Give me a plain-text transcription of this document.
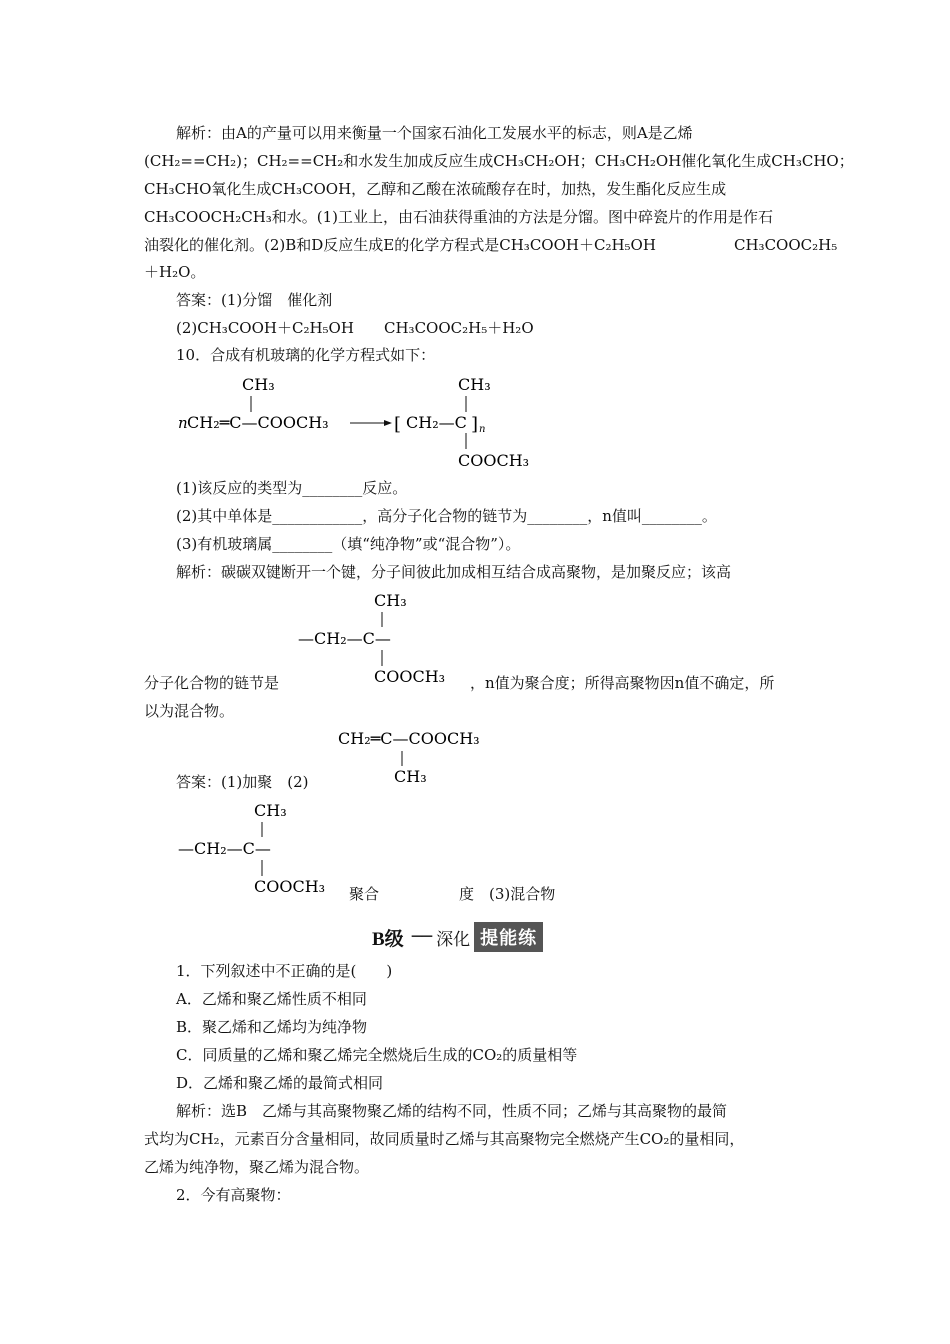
解析：由A的产量可以用来衡量一个国家石油化工发展水平的标志，则A是乙烯
(CH₂==CH₂)；CH₂==CH₂和水发生加成反应生成CH₃CH₂OH；CH₃CH₂OH催化氧化生成CH₃CHO；
CH₃CHO氧化生成CH₃COOH，乙醇和乙酸在浓硫酸存在时，加热，发生酯化反应生成
CH₃COOCH₂CH₃和水。(1)工业上，由石油获得重油的方法是分馏。图中碎瓷片的作用是作石
油裂化的催化剂。(2)B和D反应生成E的化学方程式是CH₃COOH＋C₂H₅OH	CH₃COOC₂H₅
＋H₂O。
答案：(1)分馏　催化剂
(2)CH₃COOH＋C₂H₅OH CH₃COOC₂H₅＋H₂O
10．合成有机玻璃的化学方程式如下：
CH₃
n CH₂═C—COOCH₃	[ CH₂—C ] n
CH₃
COOCH₃
(1)该反应的类型为________反应。
(2)其中单体是____________，高分子化合物的链节为________，n值叫________。
(3)有机玻璃属________（填“纯净物”或“混合物”）。
解析：碳碳双键断开一个键，分子间彼此加成相互结合成高聚物，是加聚反应；该高
CH₃
—CH₂—C—
COOCH₃
分子化合物的链节是	，n值为聚合度；所得高聚物因n值不确定，所
以为混合物。
CH₂═C—COOCH₃
CH₃
答案：(1)加聚　(2)
CH₃
—CH₂—C—
COOCH₃ 聚合	度　(3)混合物
B级 ── 深化 提能练
1．下列叙述中不正确的是(　　)
A．乙烯和聚乙烯性质不相同
B．聚乙烯和乙烯均为纯净物
C．同质量的乙烯和聚乙烯完全燃烧后生成的CO₂的质量相等
D．乙烯和聚乙烯的最简式相同
解析：选B　乙烯与其高聚物聚乙烯的结构不同，性质不同；乙烯与其高聚物的最简
式均为CH₂，元素百分含量相同，故同质量时乙烯与其高聚物完全燃烧产生CO₂的量相同，
乙烯为纯净物，聚乙烯为混合物。
2．今有高聚物：
